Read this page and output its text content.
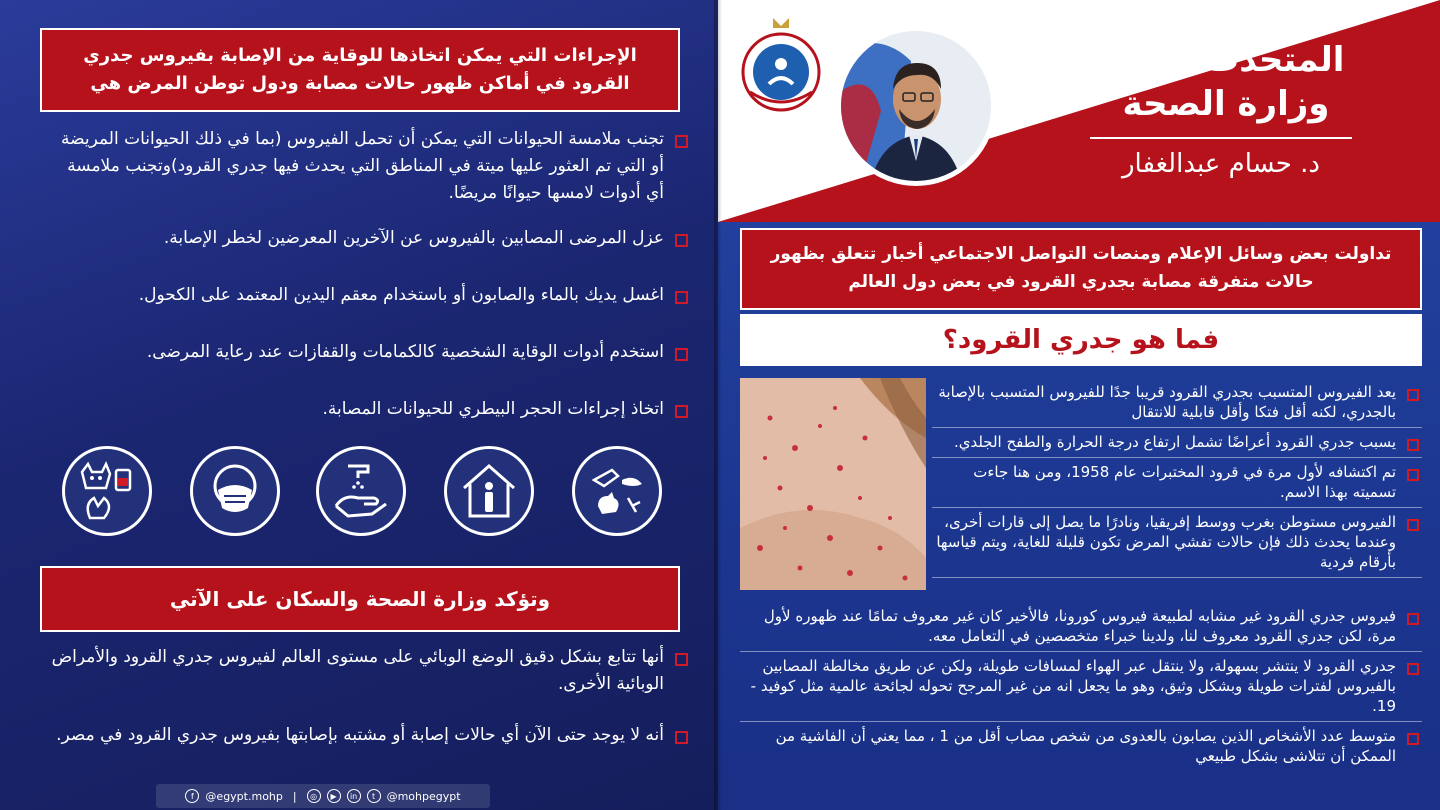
الإجراءات التي يمكن اتخاذها للوقاية من الإصابة بفيروس جدري القرود في أماكن ظهور حالات مصابة ودول توطن المرض هي
تجنب ملامسة الحيوانات التي يمكن أن تحمل الفيروس (بما في ذلك الحيوانات المريضة أو التي تم العثور عليها ميتة في المناطق التي يحدث فيها جدري القرود)وتجنب ملامسة أي أدوات لامسها حيوانًا مريضًا.
عزل المرضى المصابين بالفيروس عن الآخرين المعرضين لخطر الإصابة.
اغسل يديك بالماء والصابون أو باستخدام معقم اليدين المعتمد على الكحول.
استخدم أدوات الوقاية الشخصية كالكمامات والقفازات عند رعاية المرضى.
اتخاذ إجراءات الحجر البيطري للحيوانات المصابة.
وتؤكد وزارة الصحة والسكان على الآتي
أنها تتابع بشكل دقيق الوضع الوبائي على مستوى العالم لفيروس جدري القرود والأمراض الوبائية الأخرى.
أنه لا يوجد حتى الآن أي حالات إصابة أو مشتبه بإصابتها بفيروس جدري القرود في مصر.
f	@egypt.mohp |	◎	▶	in	t	@mohpegypt
المتحدث باسم وزارة الصحة
د. حسام عبدالغفار
تداولت بعض وسائل الإعلام ومنصات التواصل الاجتماعي أخبار تتعلق بظهور حالات متفرقة مصابة بجدري القرود في بعض دول العالم
فما هو جدري القرود؟
يعد الفيروس المتسبب بجدري القرود قريبا جدًا للفيروس المتسبب بالإصابة بالجدري، لكنه أقل فتكا وأقل قابلية للانتقال
يسبب جدري القرود أعراضًا تشمل ارتفاع درجة الحرارة والطفح الجلدي.
تم اكتشافه لأول مرة في قرود المختبرات عام 1958، ومن هنا جاءت تسميته بهذا الاسم.
الفيروس مستوطن بغرب ووسط إفريقيا، ونادرًا ما يصل إلى قارات أخرى، وعندما يحدث ذلك فإن حالات تفشي المرض تكون قليلة للغاية، ويتم قياسها بأرقام فردية
فيروس جدري القرود غير مشابه لطبيعة فيروس كورونا، فالأخير كان غير معروف تمامًا عند ظهوره لأول مرة، لكن جدري القرود معروف لنا، ولدينا خبراء متخصصين في التعامل معه.
جدري القرود لا ينتشر بسهولة، ولا ينتقل عبر الهواء لمسافات طويلة، ولكن عن طريق مخالطة المصابين بالفيروس لفترات طويلة وبشكل وثيق، وهو ما يجعل انه من غير المرجح تحوله لجائحة عالمية مثل كوفيد - 19.
متوسط عدد الأشخاص الذين يصابون بالعدوى من شخص مصاب أقل من 1 ، مما يعني أن الفاشية من الممكن أن تتلاشى بشكل طبيعي
